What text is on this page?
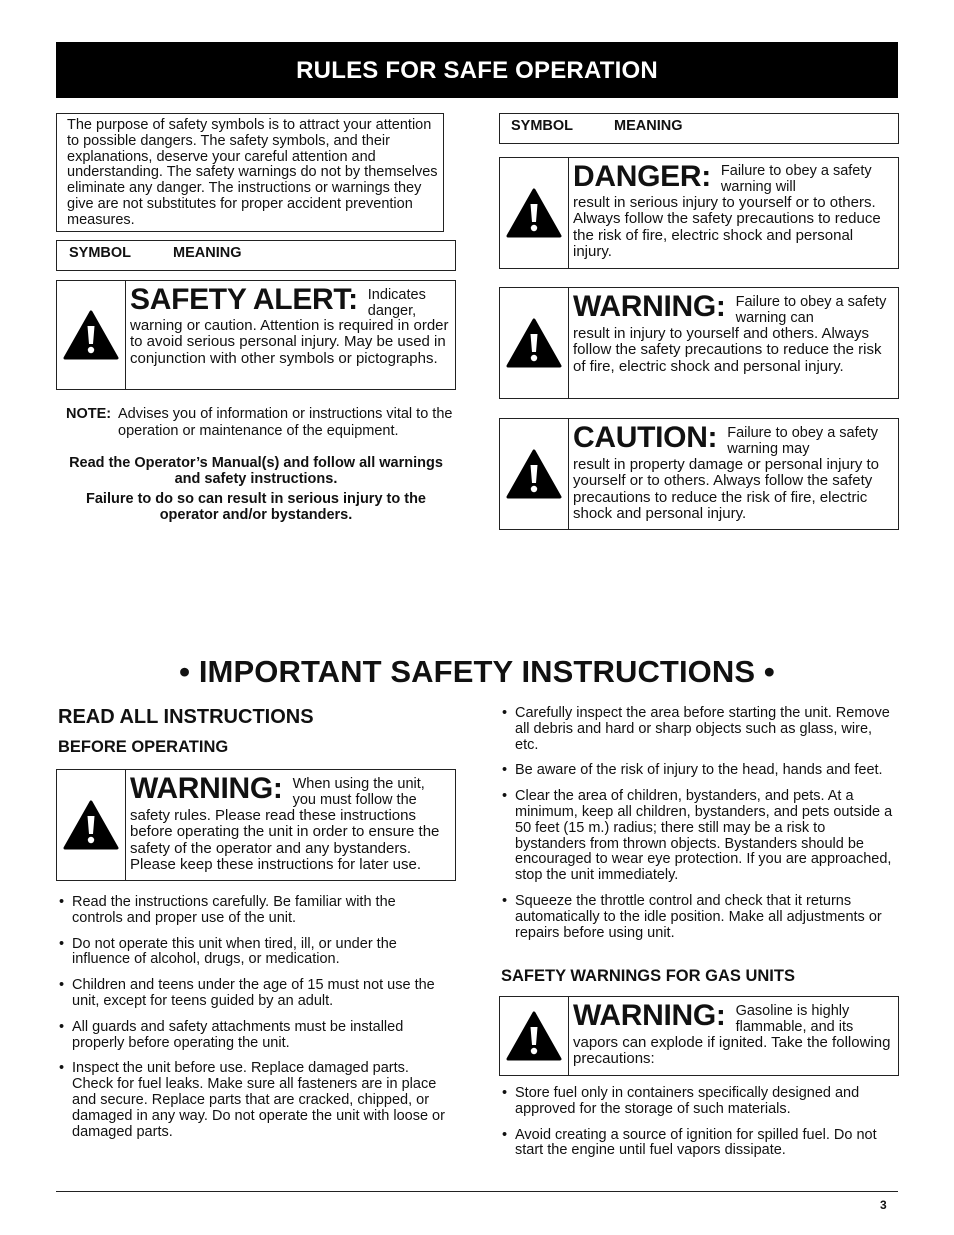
RULES FOR SAFE OPERATION
The purpose of safety symbols is to attract your attention to possible dangers. The safety symbols, and their explanations, deserve your careful attention and understanding. The safety warnings do not by themselves eliminate any danger. The instructions or warnings they give are not substitutes for proper accident prevention measures.
SYMBOL	MEANING
SAFETY ALERT: Indicates danger,
warning or caution. Attention is required in order to avoid serious personal injury. May be used in conjunction with other symbols or pictographs.
NOTE: Advises you of information or instructions vital to the operation or maintenance of the equipment.
Read the Operator’s Manual(s) and follow all warnings and safety instructions.
Failure to do so can result in serious injury to the operator and/or bystanders.
SYMBOL	MEANING
DANGER: Failure to obey a safety warning will
result in serious injury to yourself or to others. Always follow the safety precautions to reduce the risk of fire, electric shock and personal injury.
WARNING: Failure to obey a safety warning can
result in injury to yourself and others. Always follow the safety precautions to reduce the risk of fire, electric shock and personal injury.
CAUTION: Failure to obey a safety warning may
result in property damage or personal injury to yourself or to others. Always follow the safety precautions to reduce the risk of fire, electric shock and personal injury.
• IMPORTANT SAFETY INSTRUCTIONS •
READ ALL INSTRUCTIONS
BEFORE OPERATING
WARNING: When using the unit, you must follow the
safety rules. Please read these instructions before operating the unit in order to ensure the safety of the operator and any bystanders. Please keep these instructions for later use.
• Read the instructions carefully. Be familiar with the controls and proper use of the unit.
• Do not operate this unit when tired, ill, or under the influence of alcohol, drugs, or medication.
• Children and teens under the age of 15 must not use the unit, except for teens guided by an adult.
• All guards and safety attachments must be installed properly before operating the unit.
• Inspect the unit before use. Replace damaged parts. Check for fuel leaks. Make sure all fasteners are in place and secure. Replace parts that are cracked, chipped, or damaged in any way. Do not operate the unit with loose or damaged parts.
• Carefully inspect the area before starting the unit. Remove all debris and hard or sharp objects such as glass, wire, etc.
• Be aware of the risk of injury to the head, hands and feet.
• Clear the area of children, bystanders, and pets. At a minimum, keep all children, bystanders, and pets outside a 50 feet (15 m.) radius; there still may be a risk to bystanders from thrown objects. Bystanders should be encouraged to wear eye protection. If you are approached, stop the unit immediately.
• Squeeze the throttle control and check that it returns automatically to the idle position. Make all adjustments or repairs before using unit.
SAFETY WARNINGS FOR GAS UNITS
WARNING: Gasoline is highly flammable, and its
vapors can explode if ignited. Take the following precautions:
• Store fuel only in containers specifically designed and approved for the storage of such materials.
• Avoid creating a source of ignition for spilled fuel. Do not start the engine until fuel vapors dissipate.
3
